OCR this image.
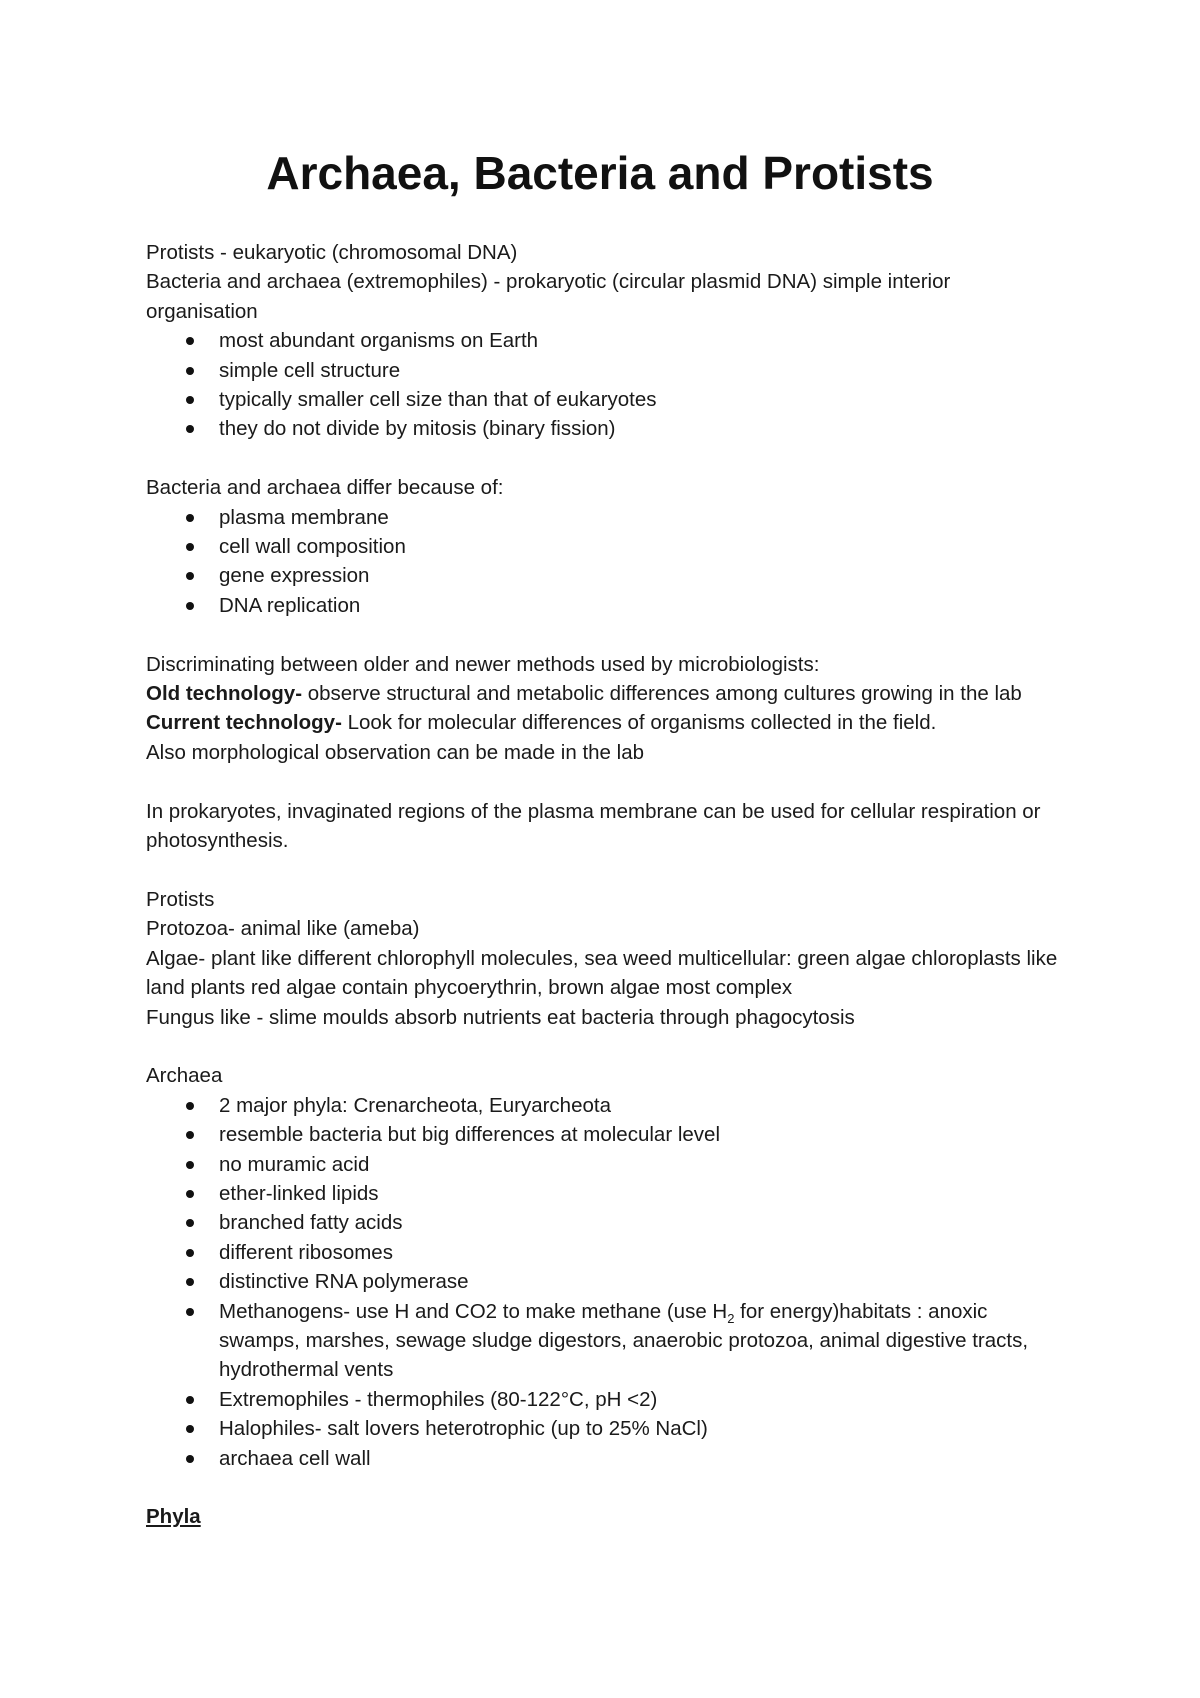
Archaea, Bacteria and Protists

Protists - eukaryotic (chromosomal DNA)

Bacteria and archaea (extremophiles) - prokaryotic (circular plasmid DNA) simple interior organisation

most abundant organisms on Earth
simple cell structure
typically smaller cell size than that of eukaryotes
they do not divide by mitosis (binary fission)

Bacteria and archaea differ because of:

plasma membrane
cell wall composition
gene expression
DNA replication

Discriminating between older and newer methods used by microbiologists:

Old technology- observe structural and metabolic differences among cultures growing in the lab

Current technology- Look for molecular differences of organisms collected in the field.

Also morphological observation can be made in the lab

In prokaryotes, invaginated regions of the plasma membrane can be used for cellular respiration or photosynthesis.

Protists

Protozoa- animal like (ameba)

Algae- plant like different chlorophyll molecules, sea weed multicellular: green algae chloroplasts like land plants red algae contain phycoerythrin, brown algae most complex

Fungus like - slime moulds absorb nutrients eat bacteria through phagocytosis

Archaea

2 major phyla: Crenarcheota, Euryarcheota
resemble bacteria but big differences at molecular level
no muramic acid
ether-linked lipids
branched fatty acids
different ribosomes
distinctive RNA polymerase
Methanogens- use H and CO2 to make methane (use $H_2$ for energy)habitats : anoxic swamps, marshes, sewage sludge digestors, anaerobic protozoa, animal digestive tracts, hydrothermal vents
Extremophiles - thermophiles (80-122°C, pH <2)
Halophiles- salt lovers heterotrophic (up to 25% NaCl)
archaea cell wall

Phyla
